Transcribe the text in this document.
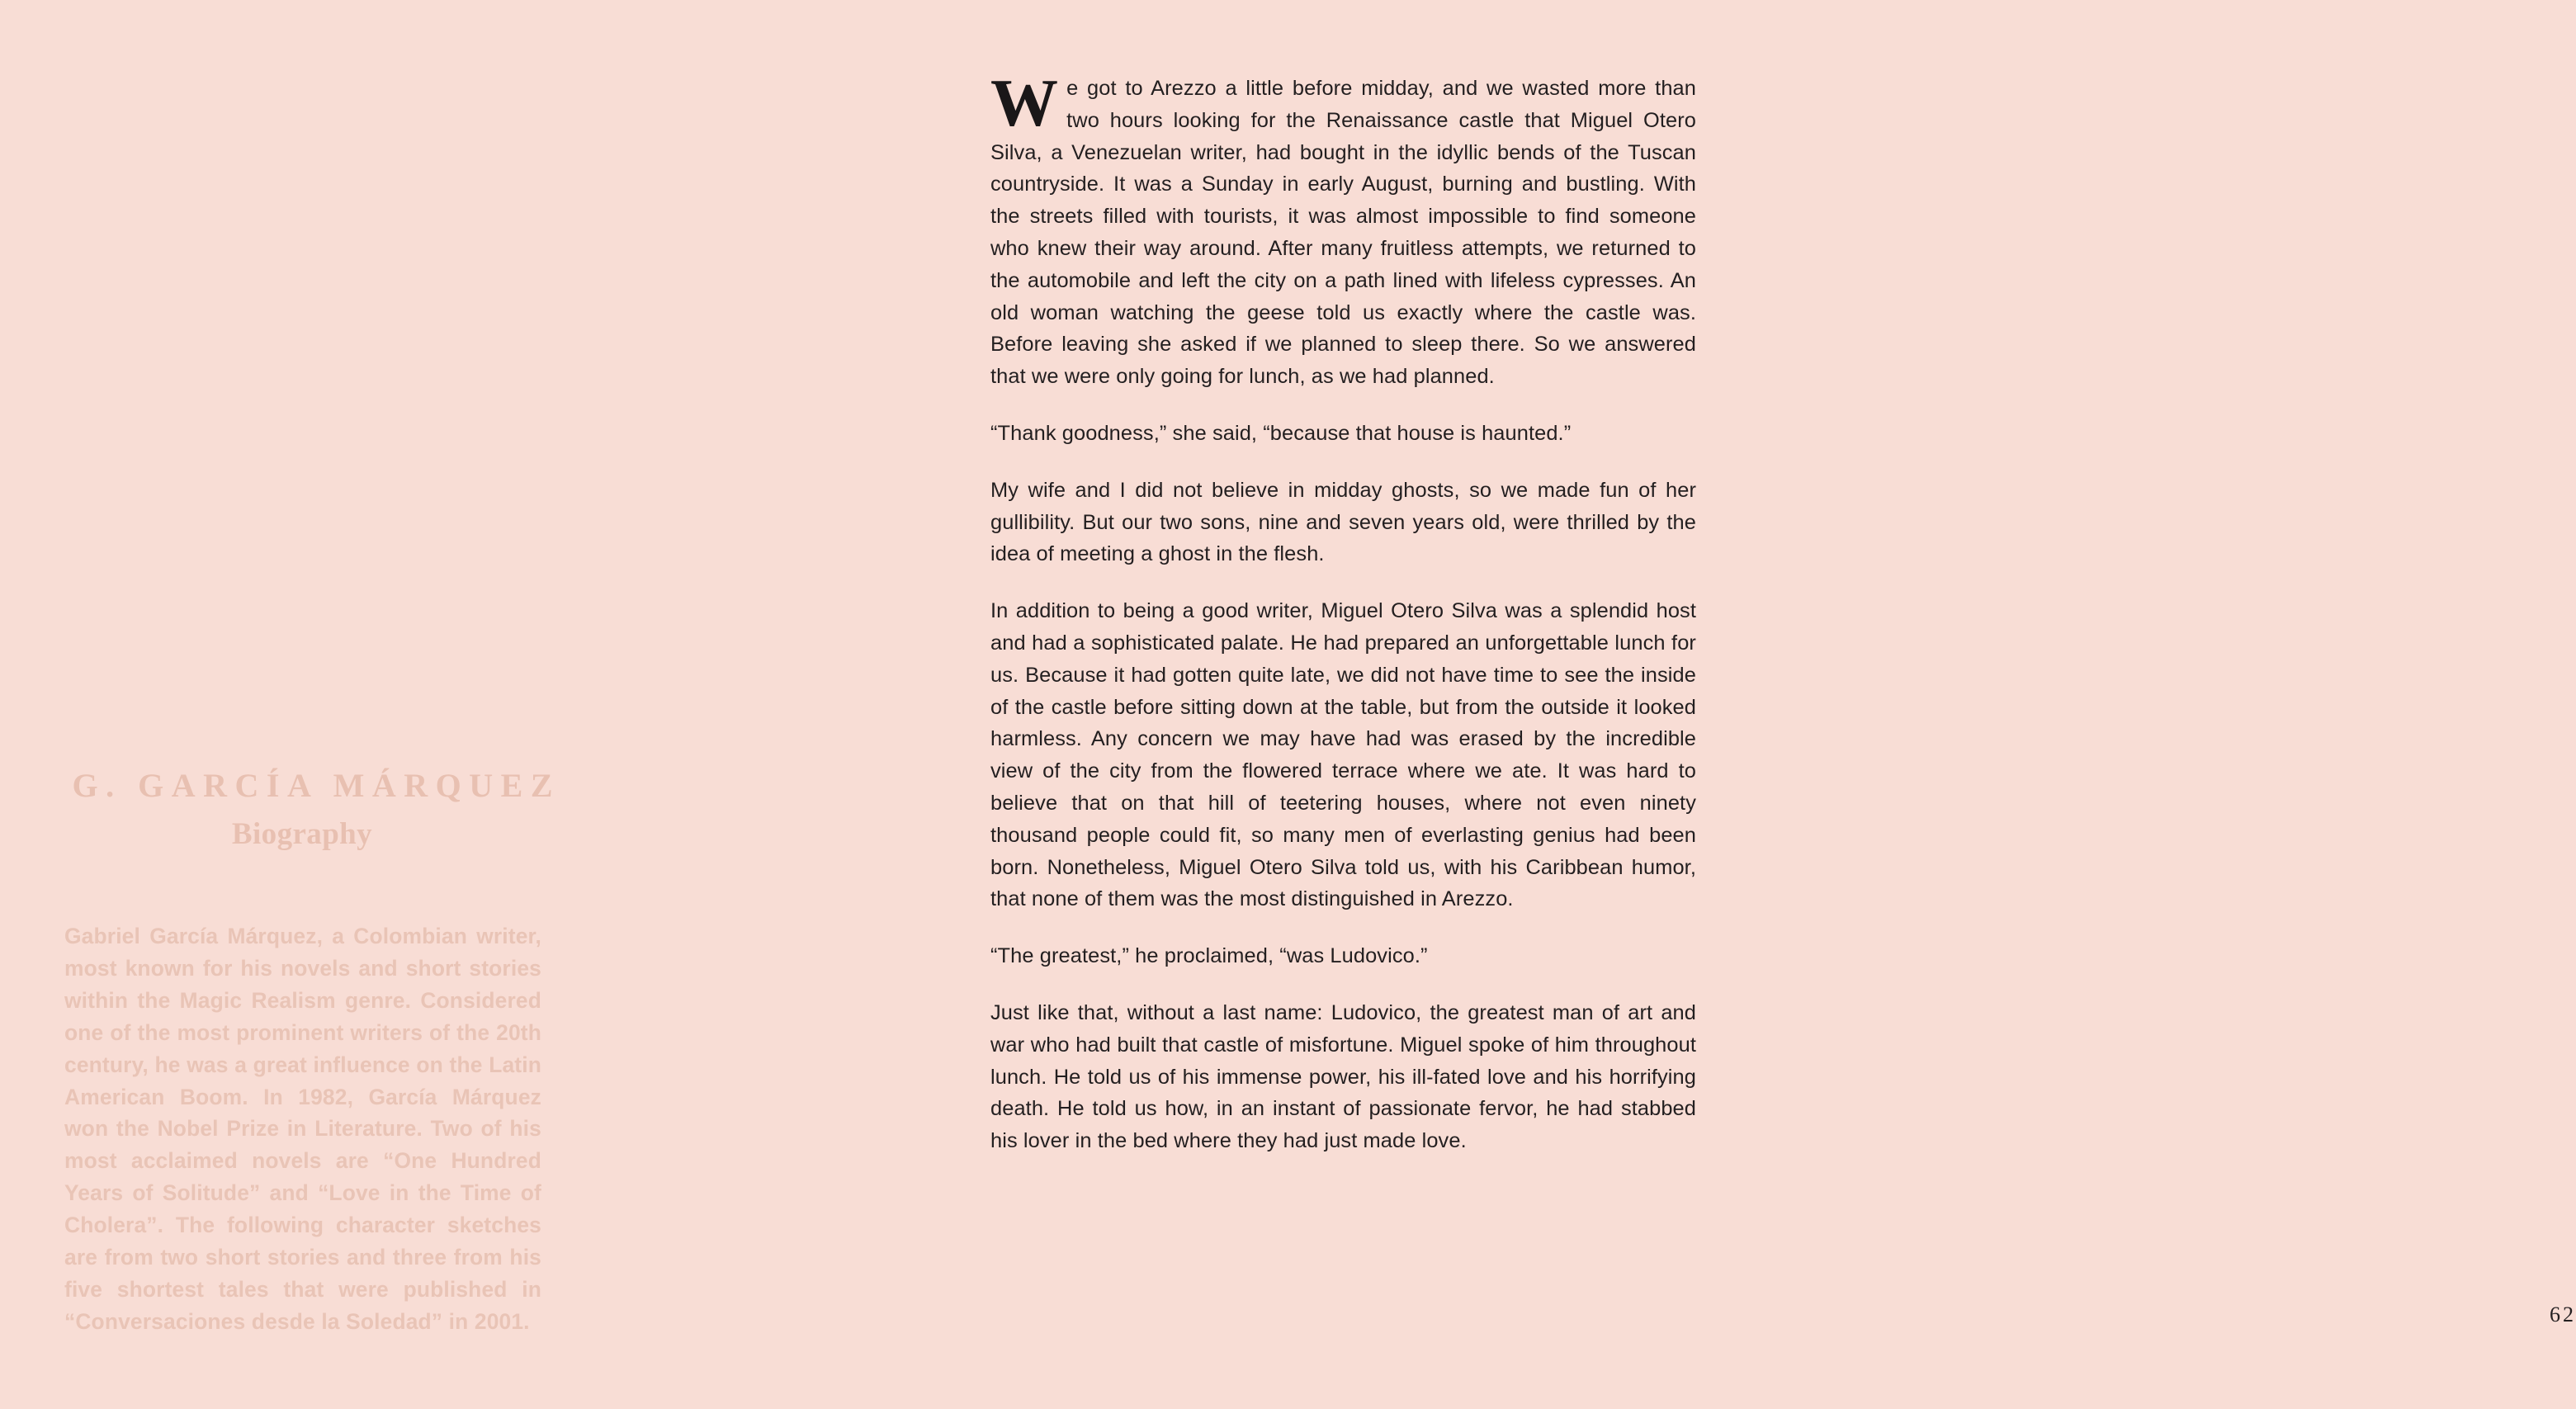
G. GARCÍA MÁRQUEZ
Biography

Gabriel García Márquez, a Colombian writer, most known for his novels and short stories within the Magic Realism genre. Considered one of the most prominent writers of the 20th century, he was a great influence on the Latin American Boom. In 1982, García Márquez won the Nobel Prize in Literature. Two of his most acclaimed novels are “One Hundred Years of Solitude” and “Love in the Time of Cholera”. The following character sketches are from two short stories and three from his five shortest tales that were published in “Conversaciones desde la Soledad” in 2001.

We got to Arezzo a little before midday, and we wasted more than two hours looking for the Renaissance castle that Miguel Otero Silva, a Venezuelan writer, had bought in the idyllic bends of the Tuscan countryside. It was a Sunday in early August, burning and bustling. With the streets filled with tourists, it was almost impossible to find someone who knew their way around. After many fruitless attempts, we returned to the automobile and left the city on a path lined with lifeless cypresses. An old woman watching the geese told us exactly where the castle was. Before leaving she asked if we planned to sleep there. So we answered that we were only going for lunch, as we had planned.

“Thank goodness,” she said, “because that house is haunted.”

My wife and I did not believe in midday ghosts, so we made fun of her gullibility. But our two sons, nine and seven years old, were thrilled by the idea of meeting a ghost in the flesh.

In addition to being a good writer, Miguel Otero Silva was a splendid host and had a sophisticated palate. He had prepared an unforgettable lunch for us. Because it had gotten quite late, we did not have time to see the inside of the castle before sitting down at the table, but from the outside it looked harmless. Any concern we may have had was erased by the incredible view of the city from the flowered terrace where we ate. It was hard to believe that on that hill of teetering houses, where not even ninety thousand people could fit, so many men of everlasting genius had been born. Nonetheless, Miguel Otero Silva told us, with his Caribbean humor, that none of them was the most distinguished in Arezzo.

“The greatest,” he proclaimed, “was Ludovico.”

Just like that, without a last name: Ludovico, the greatest man of art and war who had built that castle of misfortune. Miguel spoke of him throughout lunch. He told us of his immense power, his ill-fated love and his horrifying death. He told us how, in an instant of passionate fervor, he had stabbed his lover in the bed where they had just made love.

62
